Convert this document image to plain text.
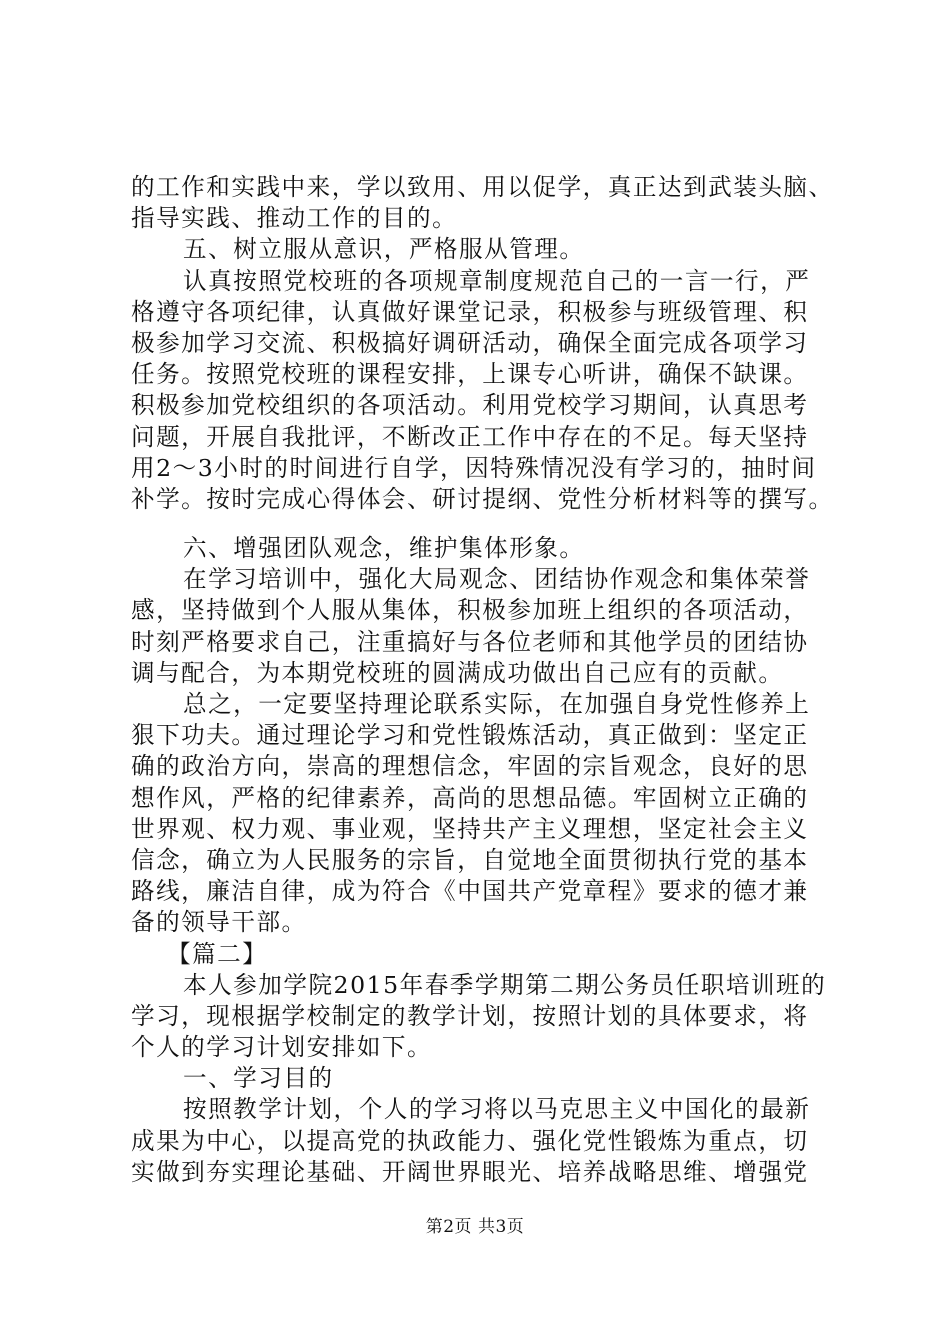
的工作和实践中来，学以致用、用以促学，真正达到武装头脑、
指导实践、推动工作的目的。
五、树立服从意识，严格服从管理。
认真按照党校班的各项规章制度规范自己的一言一行，严
格遵守各项纪律，认真做好课堂记录，积极参与班级管理、积
极参加学习交流、积极搞好调研活动，确保全面完成各项学习
任务。按照党校班的课程安排，上课专心听讲，确保不缺课。
积极参加党校组织的各项活动。利用党校学习期间，认真思考
问题，开展自我批评，不断改正工作中存在的不足。每天坚持
用2～3小时的时间进行自学，因特殊情况没有学习的，抽时间
补学。按时完成心得体会、研讨提纲、党性分析材料等的撰写。
六、增强团队观念，维护集体形象。
在学习培训中，强化大局观念、团结协作观念和集体荣誉
感，坚持做到个人服从集体，积极参加班上组织的各项活动，
时刻严格要求自己，注重搞好与各位老师和其他学员的团结协
调与配合，为本期党校班的圆满成功做出自己应有的贡献。
总之，一定要坚持理论联系实际，在加强自身党性修养上
狠下功夫。通过理论学习和党性锻炼活动，真正做到：坚定正
确的政治方向，崇高的理想信念，牢固的宗旨观念，良好的思
想作风，严格的纪律素养，高尚的思想品德。牢固树立正确的
世界观、权力观、事业观，坚持共产主义理想，坚定社会主义
信念，确立为人民服务的宗旨，自觉地全面贯彻执行党的基本
路线，廉洁自律，成为符合《中国共产党章程》要求的德才兼
备的领导干部。
【篇二】
本人参加学院2015年春季学期第二期公务员任职培训班的
学习，现根据学校制定的教学计划，按照计划的具体要求，将
个人的学习计划安排如下。
一、学习目的
按照教学计划，个人的学习将以马克思主义中国化的最新
成果为中心，以提高党的执政能力、强化党性锻炼为重点，切
实做到夯实理论基础、开阔世界眼光、培养战略思维、增强党
第2页 共3页
